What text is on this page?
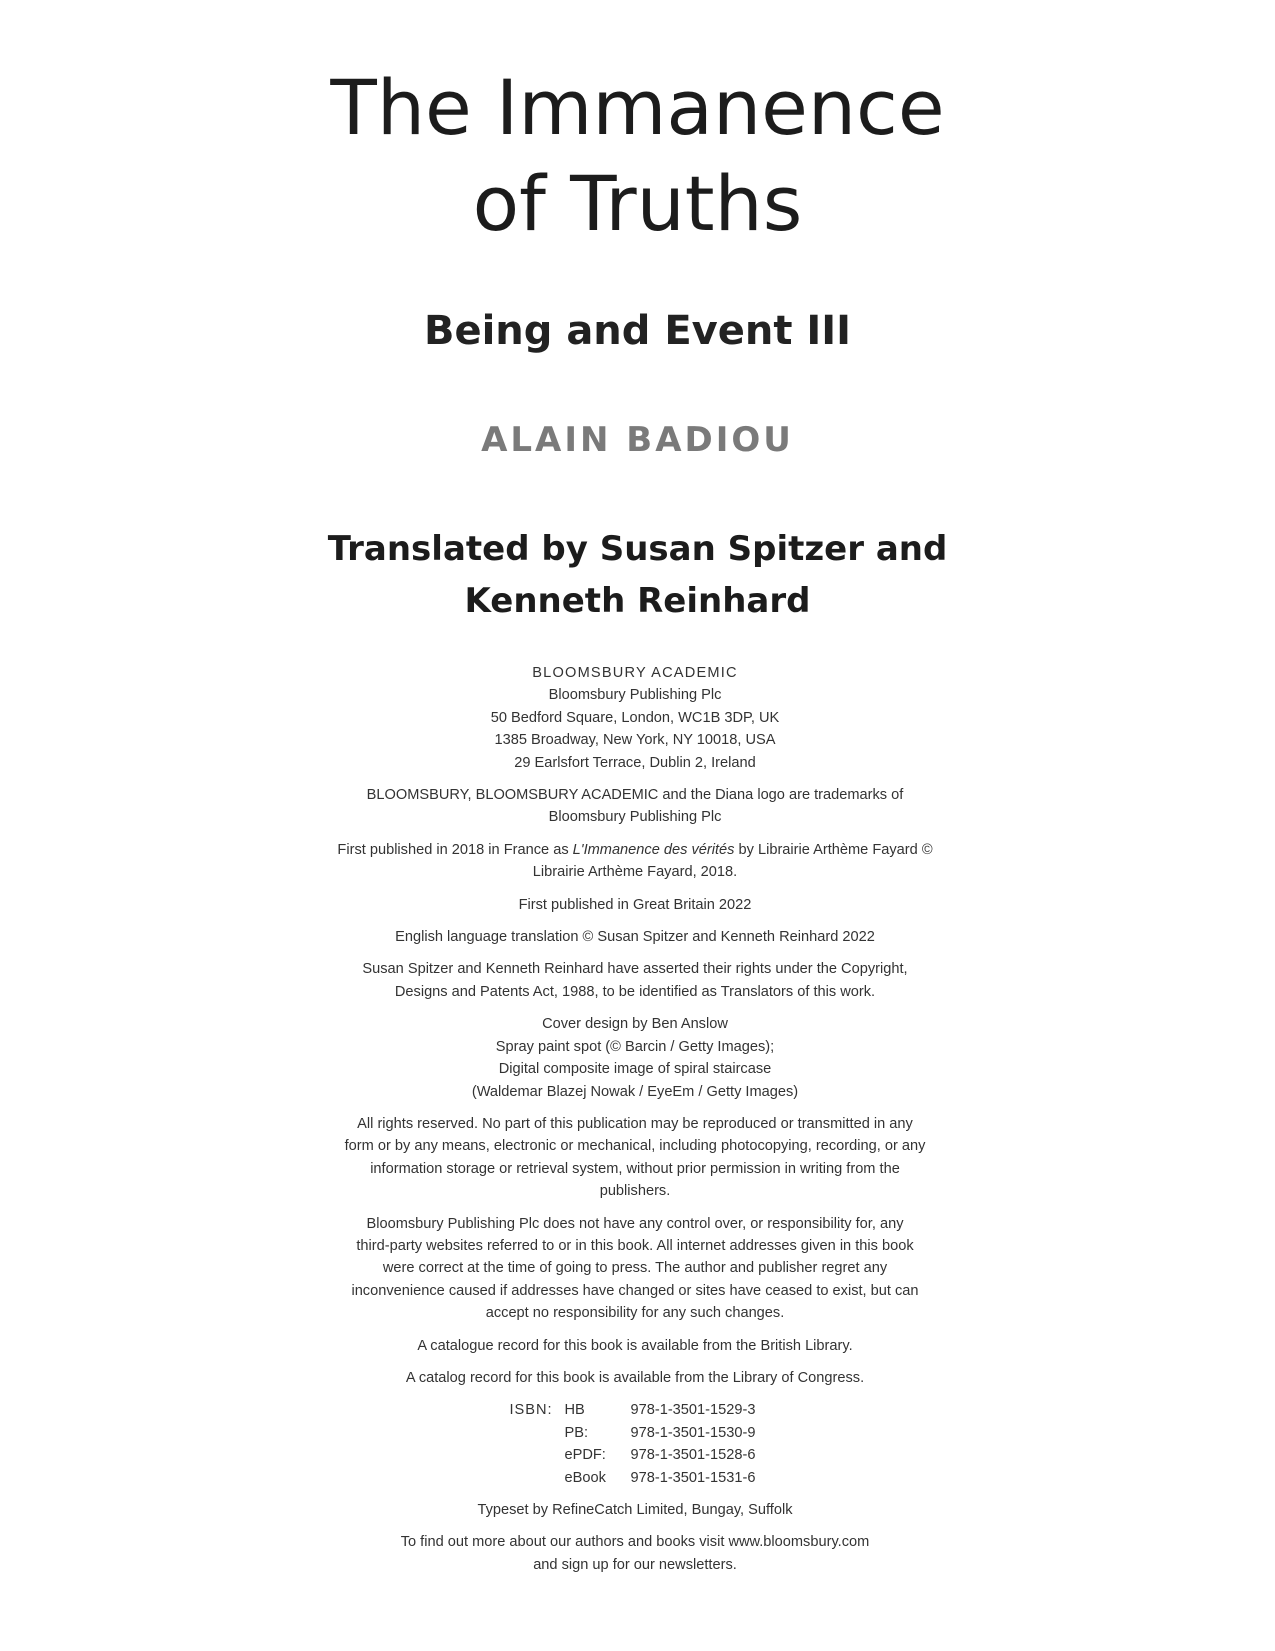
The Immanence
of Truths
Being and Event III
ALAIN BADIOU
Translated by Susan Spitzer and
Kenneth Reinhard
BLOOMSBURY ACADEMIC
Bloomsbury Publishing Plc
50 Bedford Square, London, WC1B 3DP, UK
1385 Broadway, New York, NY 10018, USA
29 Earlsfort Terrace, Dublin 2, Ireland
BLOOMSBURY, BLOOMSBURY ACADEMIC and the Diana logo are trademarks of
Bloomsbury Publishing Plc
First published in 2018 in France as L'Immanence des vérités by Librairie Arthème Fayard ©
Librairie Arthème Fayard, 2018.
First published in Great Britain 2022
English language translation © Susan Spitzer and Kenneth Reinhard 2022
Susan Spitzer and Kenneth Reinhard have asserted their rights under the Copyright,
Designs and Patents Act, 1988, to be identified as Translators of this work.
Cover design by Ben Anslow
Spray paint spot (© Barcin / Getty Images);
Digital composite image of spiral staircase
(Waldemar Blazej Nowak / EyeEm / Getty Images)
All rights reserved. No part of this publication may be reproduced or transmitted in any
form or by any means, electronic or mechanical, including photocopying, recording, or any
information storage or retrieval system, without prior permission in writing from the
publishers.
Bloomsbury Publishing Plc does not have any control over, or responsibility for, any
third-party websites referred to or in this book. All internet addresses given in this book
were correct at the time of going to press. The author and publisher regret any
inconvenience caused if addresses have changed or sites have ceased to exist, but can
accept no responsibility for any such changes.
A catalogue record for this book is available from the British Library.
A catalog record for this book is available from the Library of Congress.
ISBN: HB	978-1-3501-1529-3
PB:	978-1-3501-1530-9
ePDF:	978-1-3501-1528-6
eBook	978-1-3501-1531-6
Typeset by RefineCatch Limited, Bungay, Suffolk
To find out more about our authors and books visit www.bloomsbury.com
and sign up for our newsletters.
